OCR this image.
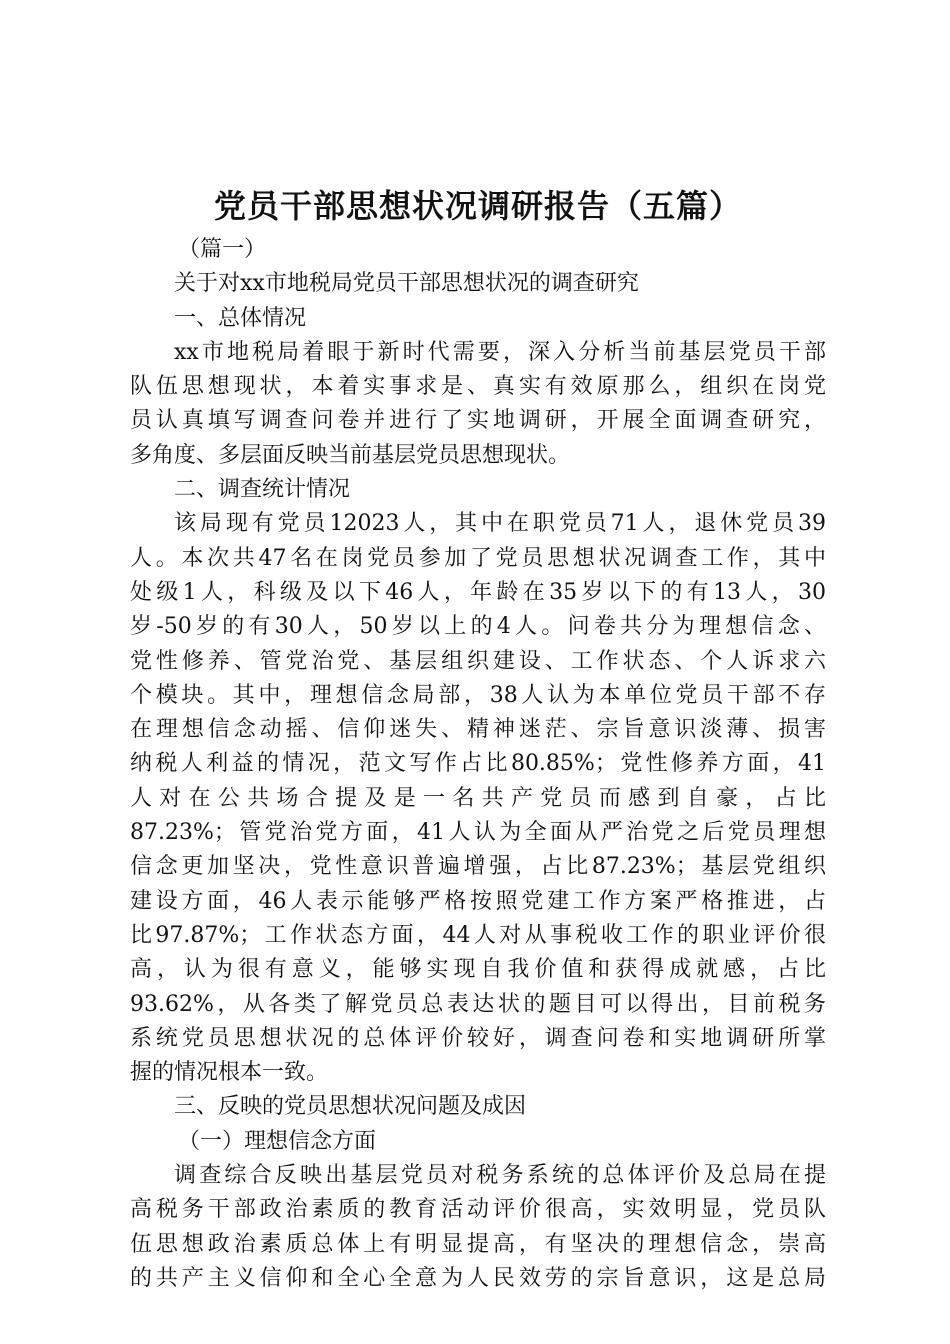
党员干部思想状况调研报告（五篇）
（篇一）
关于对xx市地税局党员干部思想状况的调查研究
一、总体情况
xx市地税局着眼于新时代需要，深入分析当前基层党员干部
队伍思想现状，本着实事求是、真实有效原那么，组织在岗党
员认真填写调查问卷并进行了实地调研，开展全面调查研究，
多角度、多层面反映当前基层党员思想现状。
二、调查统计情况
该局现有党员12023人，其中在职党员71人，退休党员39
人。本次共47名在岗党员参加了党员思想状况调查工作，其中
处级1人，科级及以下46人，年龄在35岁以下的有13人，30
岁-50岁的有30人，50岁以上的4人。问卷共分为理想信念、
党性修养、管党治党、基层组织建设、工作状态、个人诉求六
个模块。其中，理想信念局部，38人认为本单位党员干部不存
在理想信念动摇、信仰迷失、精神迷茫、宗旨意识淡薄、损害
纳税人利益的情况，范文写作占比80.85%；党性修养方面，41
人对在公共场合提及是一名共产党员而感到自豪，占比
87.23%；管党治党方面，41人认为全面从严治党之后党员理想
信念更加坚决，党性意识普遍增强，占比87.23%；基层党组织
建设方面，46人表示能够严格按照党建工作方案严格推进，占
比97.87%；工作状态方面，44人对从事税收工作的职业评价很
高，认为很有意义，能够实现自我价值和获得成就感，占比
93.62%，从各类了解党员总表达状的题目可以得出，目前税务
系统党员思想状况的总体评价较好，调查问卷和实地调研所掌
握的情况根本一致。
三、反映的党员思想状况问题及成因
（一）理想信念方面
调查综合反映出基层党员对税务系统的总体评价及总局在提
高税务干部政治素质的教育活动评价很高，实效明显，党员队
伍思想政治素质总体上有明显提高，有坚决的理想信念，崇高
的共产主义信仰和全心全意为人民效劳的宗旨意识，这是总局
